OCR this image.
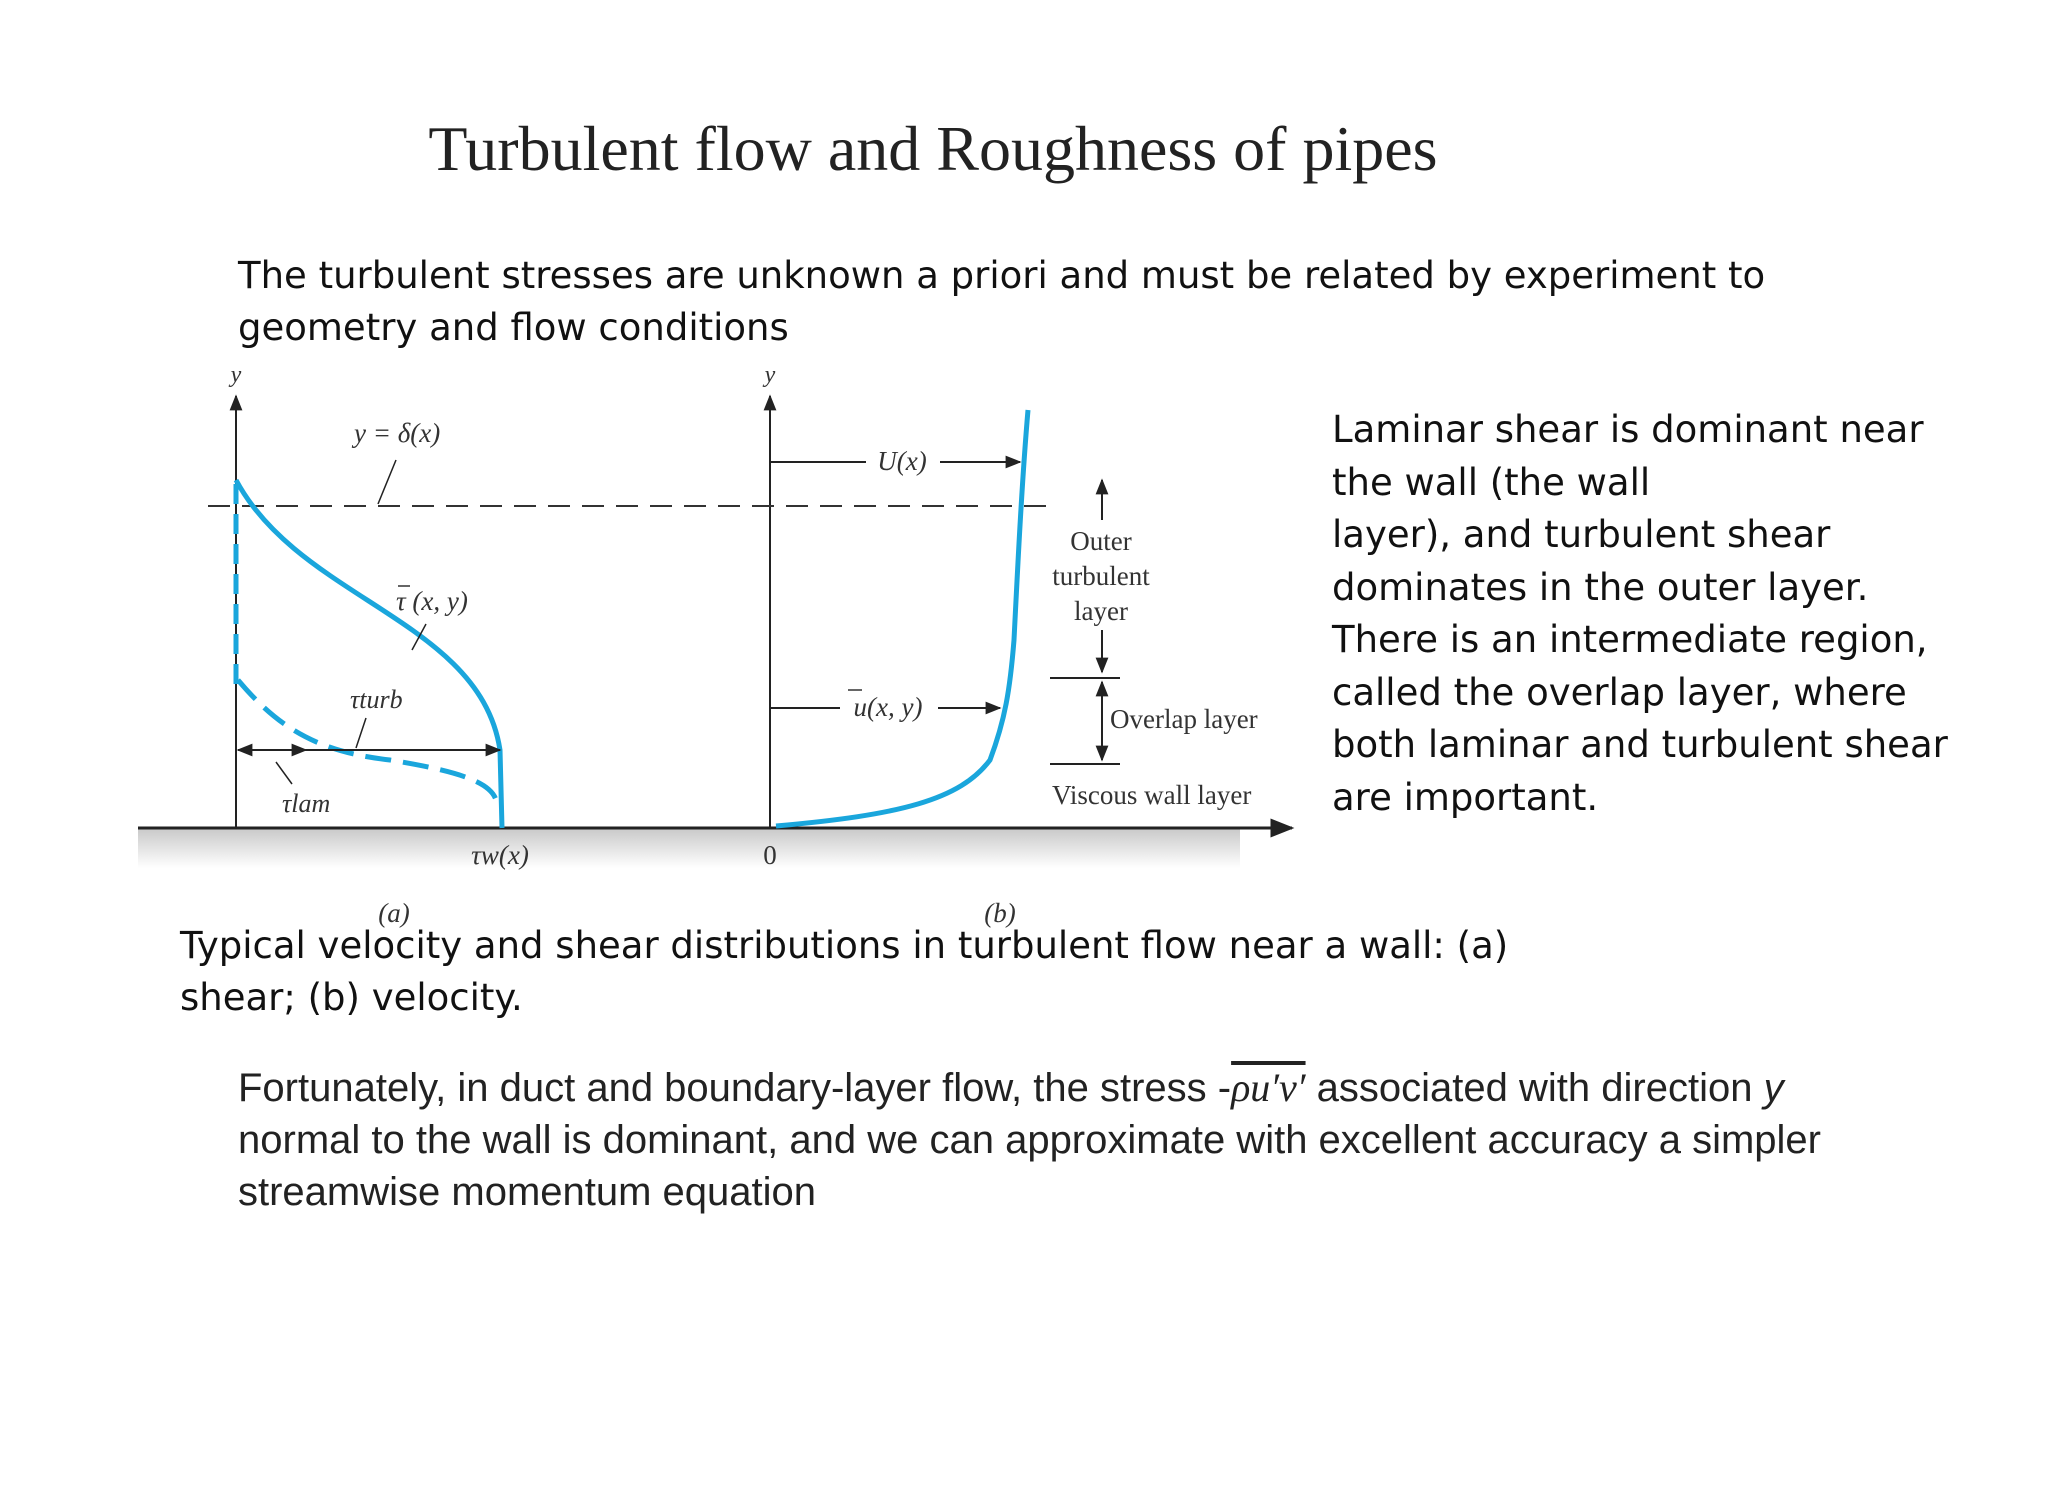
Turbulent flow and Roughness of pipes
The turbulent stresses are unknown a priori and must be related by experiment to geometry and flow conditions
y	y
y = δ(x)
τ (x, y)
τturb
τlam
τw(x)	0
U(x)
u(x, y)
Outer
turbulent
layer
Overlap layer
Viscous wall layer
(a)	(b)
Laminar shear is dominant near
the wall (the wall
layer), and turbulent shear
dominates in the outer layer.
There is an intermediate region,
called the overlap layer, where
both laminar and turbulent shear
are important.
Typical velocity and shear distributions in turbulent flow near a wall: (a) shear; (b) velocity.
Fortunately, in duct and boundary-layer flow, the stress -ρu′v′ associated with direction y normal to the wall is dominant, and we can approximate with excellent accuracy a simpler streamwise momentum equation
